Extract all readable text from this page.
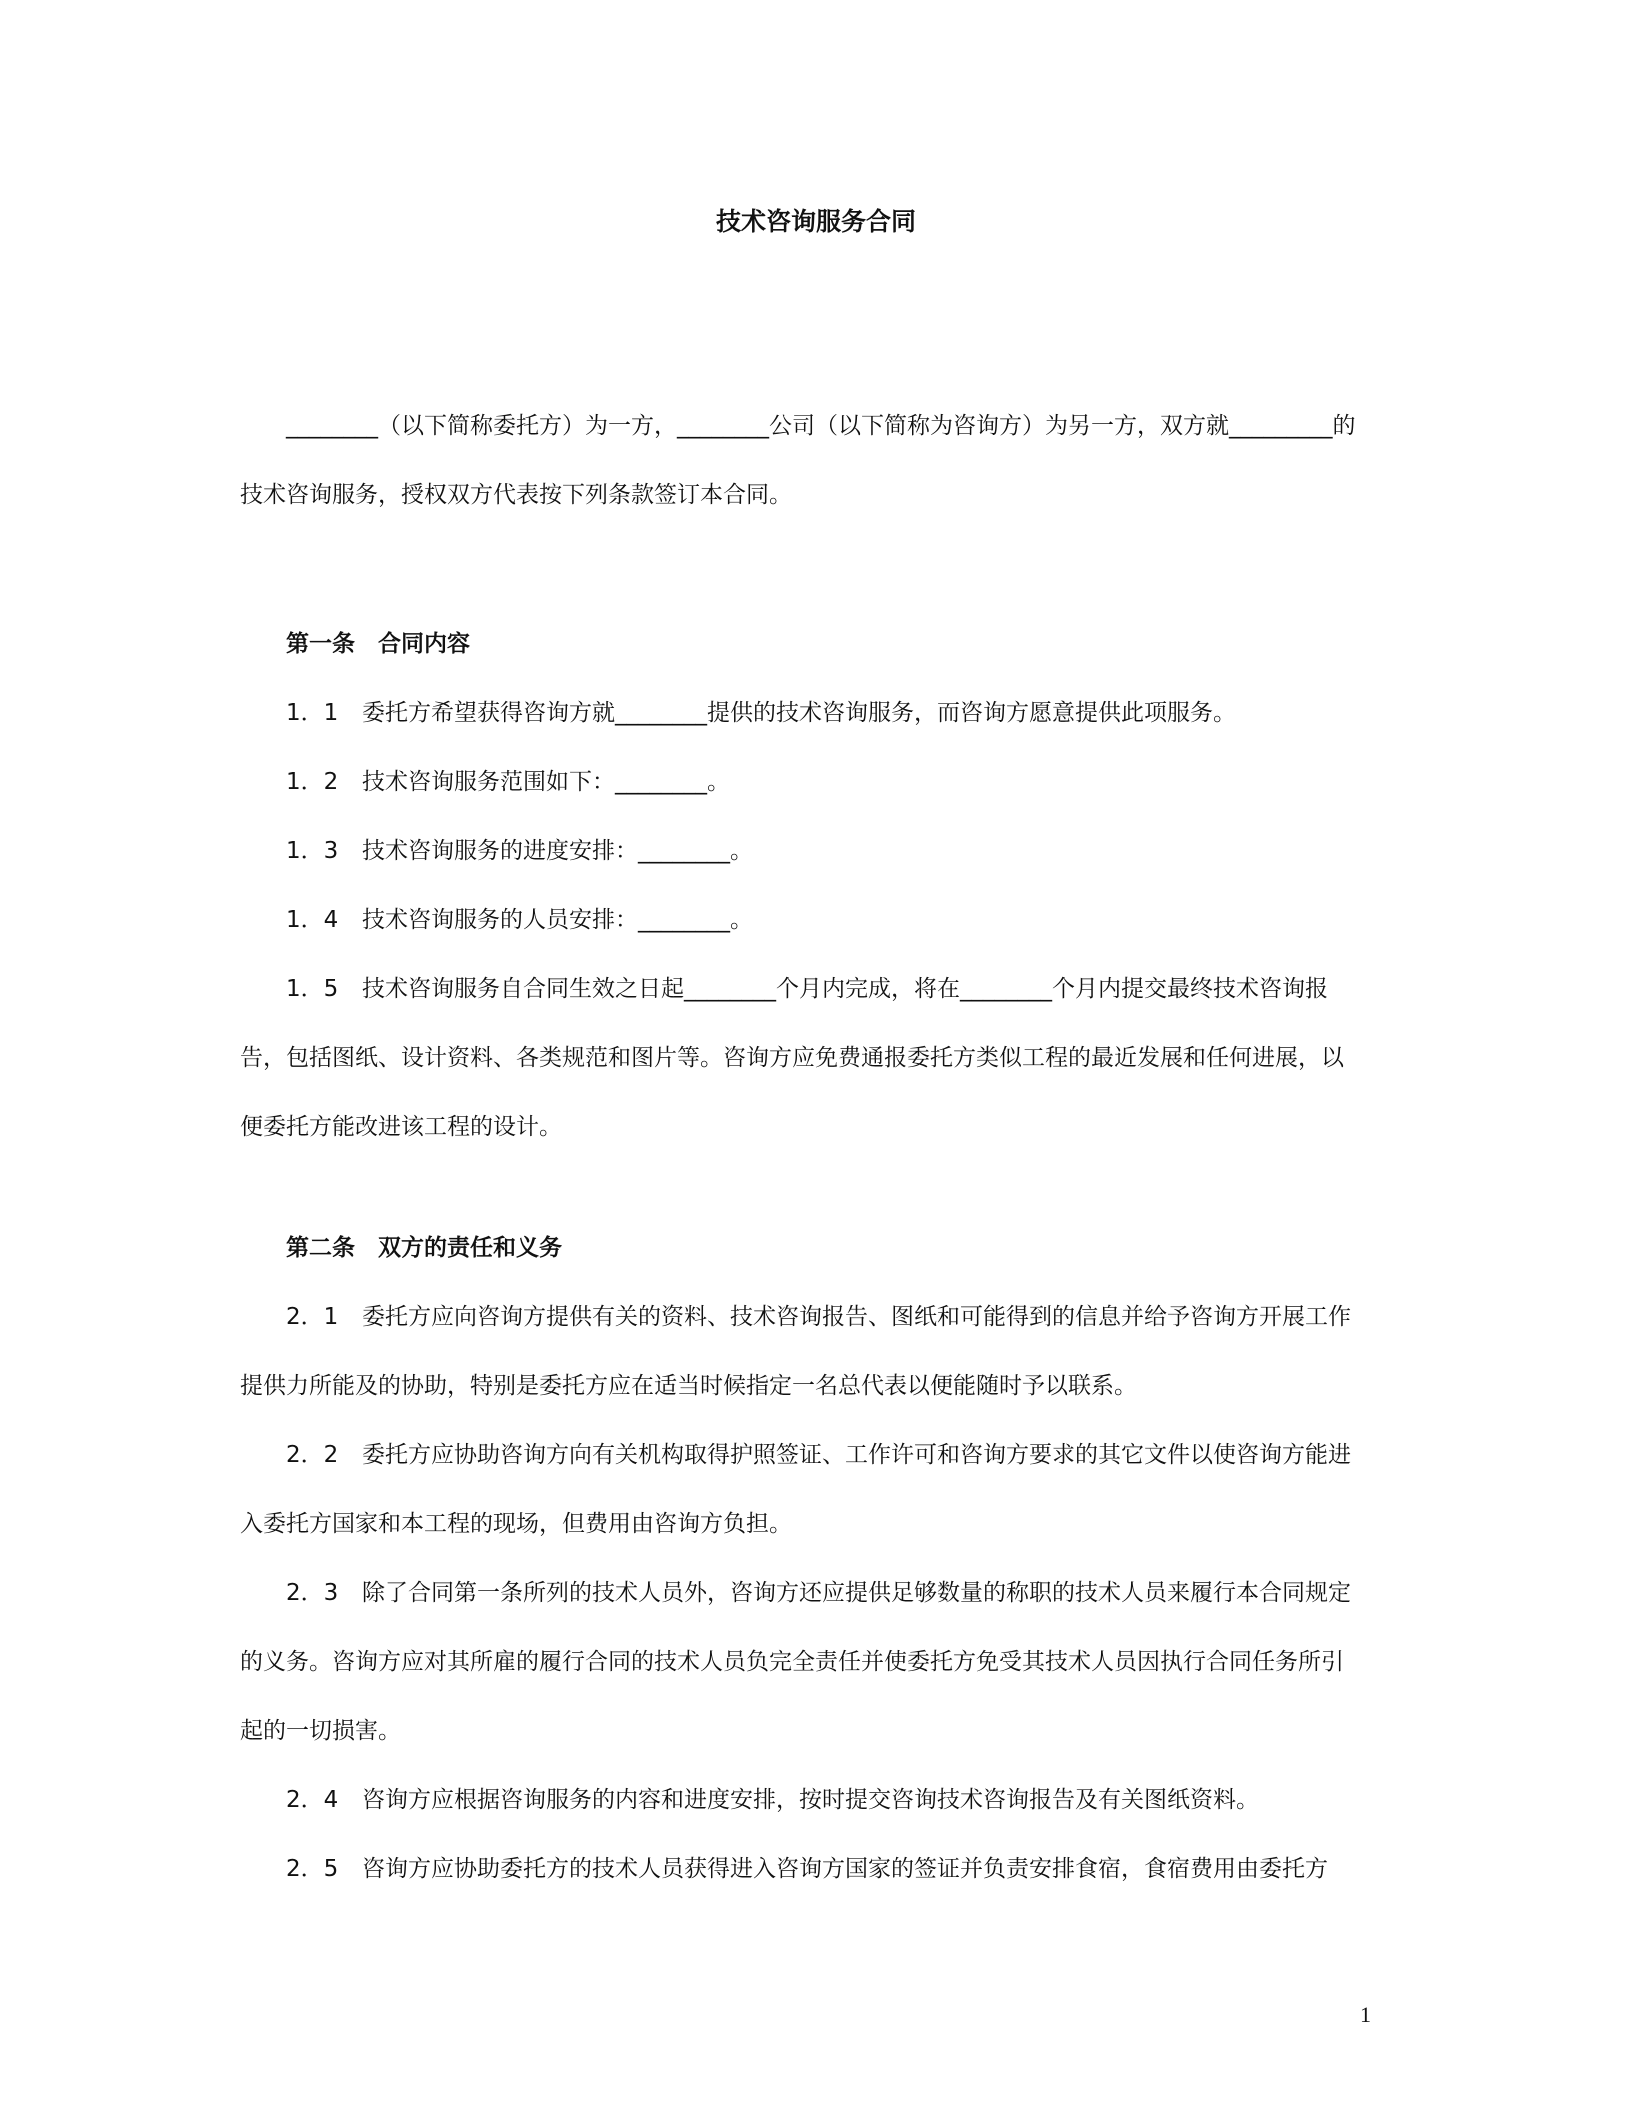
技术咨询服务合同

________（以下简称委托方）为一方，________公司（以下简称为咨询方）为另一方，双方就_________的技术咨询服务，授权双方代表按下列条款签订本合同。

第一条　合同内容

1．1 委托方希望获得咨询方就________提供的技术咨询服务，而咨询方愿意提供此项服务。

1．2 技术咨询服务范围如下：________。

1．3 技术咨询服务的进度安排：________。

1．4 技术咨询服务的人员安排：________。

1．5 技术咨询服务自合同生效之日起________个月内完成，将在________个月内提交最终技术咨询报告，包括图纸、设计资料、各类规范和图片等。咨询方应免费通报委托方类似工程的最近发展和任何进展，以便委托方能改进该工程的设计。

第二条　双方的责任和义务

2．1 委托方应向咨询方提供有关的资料、技术咨询报告、图纸和可能得到的信息并给予咨询方开展工作提供力所能及的协助，特别是委托方应在适当时候指定一名总代表以便能随时予以联系。

2．2 委托方应协助咨询方向有关机构取得护照签证、工作许可和咨询方要求的其它文件以使咨询方能进入委托方国家和本工程的现场，但费用由咨询方负担。

2．3 除了合同第一条所列的技术人员外，咨询方还应提供足够数量的称职的技术人员来履行本合同规定的义务。咨询方应对其所雇的履行合同的技术人员负完全责任并使委托方免受其技术人员因执行合同任务所引起的一切损害。

2．4 咨询方应根据咨询服务的内容和进度安排，按时提交咨询技术咨询报告及有关图纸资料。

2．5 咨询方应协助委托方的技术人员获得进入咨询方国家的签证并负责安排食宿，食宿费用由委托方

1
